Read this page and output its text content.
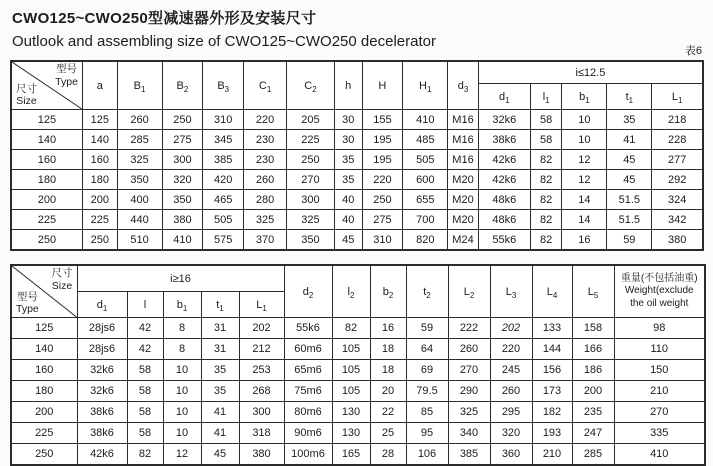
CWO125~CWO250型减速器外形及安装尺寸
Outlook and assembling size of CWO125~CWO250 decelerator
表6
型号
Type
尺寸
Size	a	$B_1$	$B_2$	$B_3$	$C_1$	$C_2$	h	H	$H_1$	$d_3$	i≤12.5				
											$d_1$	$l_1$	$b_1$	$t_1$	$L_1$
125	125	260	250	310	220	205	30	155	410	M16	32k6	58	10	35	218
140	140	285	275	345	230	225	30	195	485	M16	38k6	58	10	41	228
160	160	325	300	385	230	250	35	195	505	M16	42k6	82	12	45	277
180	180	350	320	420	260	270	35	220	600	M20	42k6	82	12	45	292
200	200	400	350	465	280	300	40	250	655	M20	48k6	82	14	51.5	324
225	225	440	380	505	325	325	40	275	700	M20	48k6	82	14	51.5	342
250	250	510	410	575	370	350	45	310	820	M24	55k6	82	16	59	380
尺寸
Size
型号
Type	i≥16					$d_2$	$l_2$	$b_2$	$t_2$	$L_2$	$L_3$	$L_4$	$L_5$	重量(不包括油重)
Weight(exclude
the oil weight
	$d_1$	l	$b_1$	$t_1$	$L_1$
125	28js6	42	8	31	202	55k6	82	16	59	222	202	133	158	98
140	28js6	42	8	31	212	60m6	105	18	64	260	220	144	166	110
160	32k6	58	10	35	253	65m6	105	18	69	270	245	156	186	150
180	32k6	58	10	35	268	75m6	105	20	79.5	290	260	173	200	210
200	38k6	58	10	41	300	80m6	130	22	85	325	295	182	235	270
225	38k6	58	10	41	318	90m6	130	25	95	340	320	193	247	335
250	42k6	82	12	45	380	100m6	165	28	106	385	360	210	285	410
